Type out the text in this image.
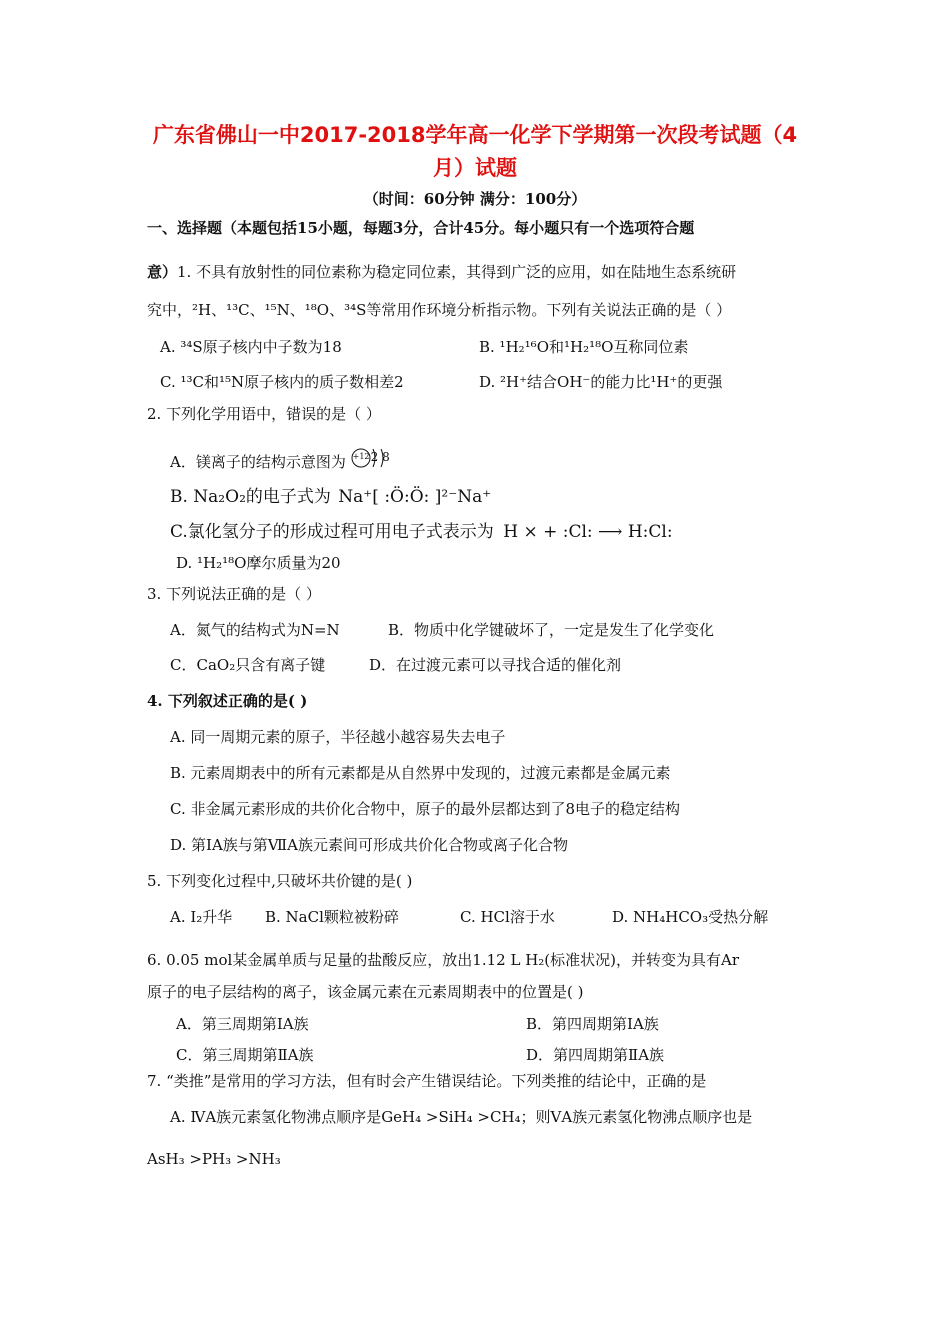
广东省佛山一中2017-2018学年高一化学下学期第一次段考试题（4
月）试题
（时间：60分钟 满分：100分）
一、选择题（本题包括15小题，每题3分，合计45分。每小题只有一个选项符合题
意）1. 不具有放射性的同位素称为稳定同位素，其得到广泛的应用，如在陆地生态系统研
究中，²H、¹³C、¹⁵N、¹⁸O、³⁴S等常用作环境分析指示物。下列有关说法正确的是（ ）
A. ³⁴S原子核内中子数为18	B. ¹H₂¹⁶O和¹H₂¹⁸O互称同位素
C. ¹³C和¹⁵N原子核内的质子数相差2	D. ²H⁺结合OH⁻的能力比¹H⁺的更强
2. 下列化学用语中，错误的是（ ）
A．镁离子的结构示意图为 +12 2 8
B. Na₂O₂的电子式为 Na⁺[ :Ö:Ö: ]²⁻Na⁺
C.氯化氢分子的形成过程可用电子式表示为 H × + :Cl: ⟶ H:Cl:
D. ¹H₂¹⁸O摩尔质量为20
3. 下列说法正确的是（ ）
A．氮气的结构式为N=N	B．物质中化学键破坏了，一定是发生了化学变化
C．CaO₂只含有离子键	D．在过渡元素可以寻找合适的催化剂
4. 下列叙述正确的是( )
A. 同一周期元素的原子，半径越小越容易失去电子
B. 元素周期表中的所有元素都是从自然界中发现的，过渡元素都是金属元素
C. 非金属元素形成的共价化合物中，原子的最外层都达到了8电子的稳定结构
D. 第ⅠA族与第ⅦA族元素间可形成共价化合物或离子化合物
5. 下列变化过程中,只破坏共价键的是( )
A. I₂升华 B. NaCl颗粒被粉碎	C. HCl溶于水	D. NH₄HCO₃受热分解
6. 0.05 mol某金属单质与足量的盐酸反应，放出1.12 L H₂(标准状况)，并转变为具有Ar
原子的电子层结构的离子，该金属元素在元素周期表中的位置是( )
A．第三周期第IA族	B．第四周期第IA族
C．第三周期第ⅡA族	D．第四周期第ⅡA族
7. “类推”是常用的学习方法，但有时会产生错误结论。下列类推的结论中，正确的是
A. ⅣA族元素氢化物沸点顺序是GeH₄ >SiH₄ >CH₄；则ⅤA族元素氢化物沸点顺序也是
AsH₃ >PH₃ >NH₃
